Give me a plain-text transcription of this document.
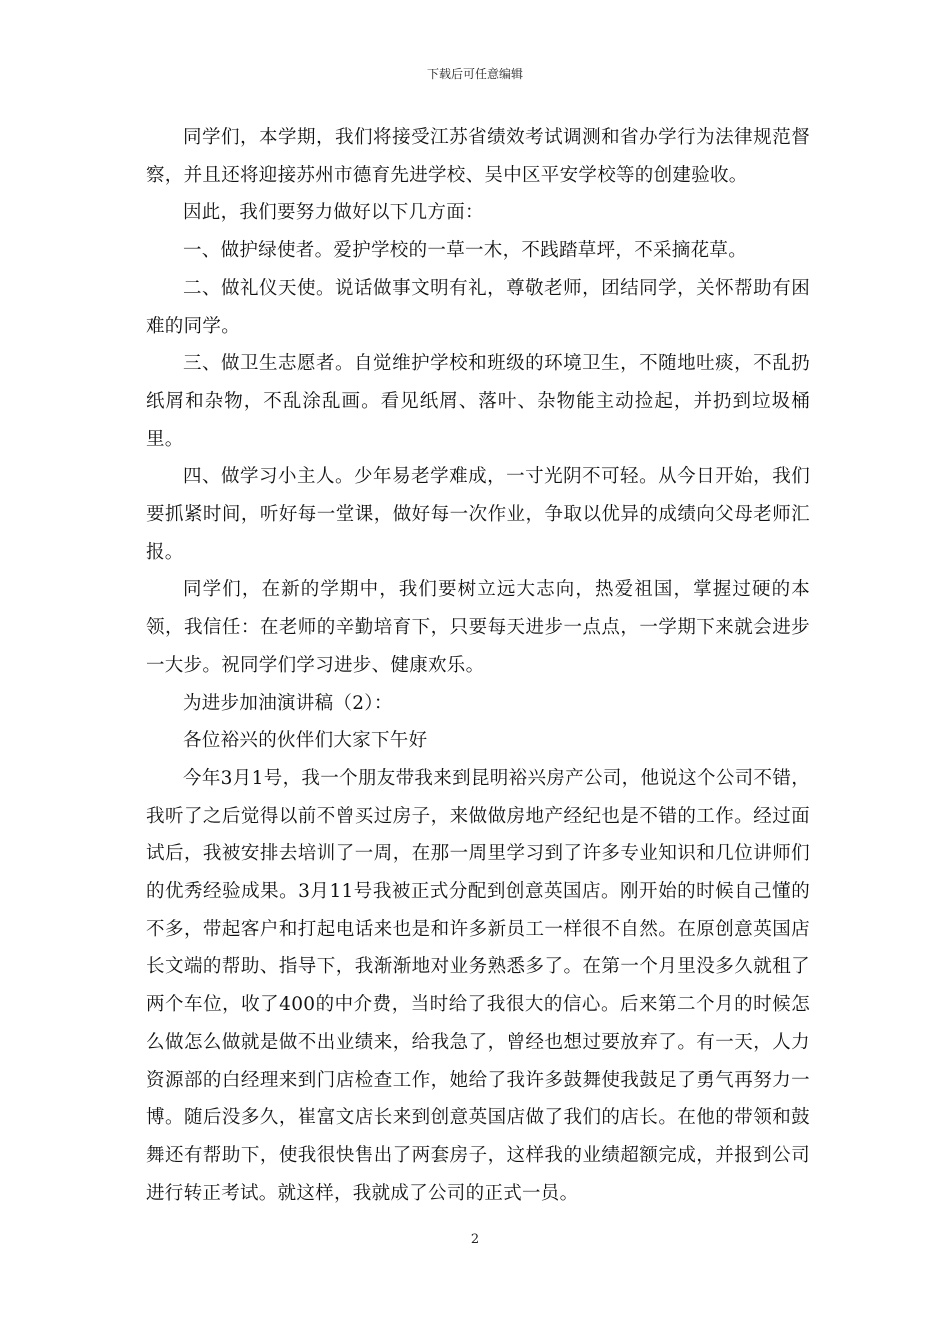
下载后可任意编辑

同学们，本学期，我们将接受江苏省绩效考试调测和省办学行为法律规范督察，并且还将迎接苏州市德育先进学校、吴中区平安学校等的创建验收。

因此，我们要努力做好以下几方面：

一、做护绿使者。爱护学校的一草一木，不践踏草坪，不采摘花草。

二、做礼仪天使。说话做事文明有礼，尊敬老师，团结同学，关怀帮助有困难的同学。

三、做卫生志愿者。自觉维护学校和班级的环境卫生，不随地吐痰，不乱扔纸屑和杂物，不乱涂乱画。看见纸屑、落叶、杂物能主动捡起，并扔到垃圾桶里。

四、做学习小主人。少年易老学难成，一寸光阴不可轻。从今日开始，我们要抓紧时间，听好每一堂课，做好每一次作业，争取以优异的成绩向父母老师汇报。

同学们，在新的学期中，我们要树立远大志向，热爱祖国，掌握过硬的本领，我信任：在老师的辛勤培育下，只要每天进步一点点，一学期下来就会进步一大步。祝同学们学习进步、健康欢乐。

为进步加油演讲稿（2）：

各位裕兴的伙伴们大家下午好

今年3月1号，我一个朋友带我来到昆明裕兴房产公司，他说这个公司不错，我听了之后觉得以前不曾买过房子，来做做房地产经纪也是不错的工作。经过面试后，我被安排去培训了一周，在那一周里学习到了许多专业知识和几位讲师们的优秀经验成果。3月11号我被正式分配到创意英国店。刚开始的时候自己懂的不多，带起客户和打起电话来也是和许多新员工一样很不自然。在原创意英国店长文端的帮助、指导下，我渐渐地对业务熟悉多了。在第一个月里没多久就租了两个车位，收了400的中介费，当时给了我很大的信心。后来第二个月的时候怎么做怎么做就是做不出业绩来，给我急了，曾经也想过要放弃了。有一天，人力资源部的白经理来到门店检查工作，她给了我许多鼓舞使我鼓足了勇气再努力一博。随后没多久，崔富文店长来到创意英国店做了我们的店长。在他的带领和鼓舞还有帮助下，使我很快售出了两套房子，这样我的业绩超额完成，并报到公司进行转正考试。就这样，我就成了公司的正式一员。

2
